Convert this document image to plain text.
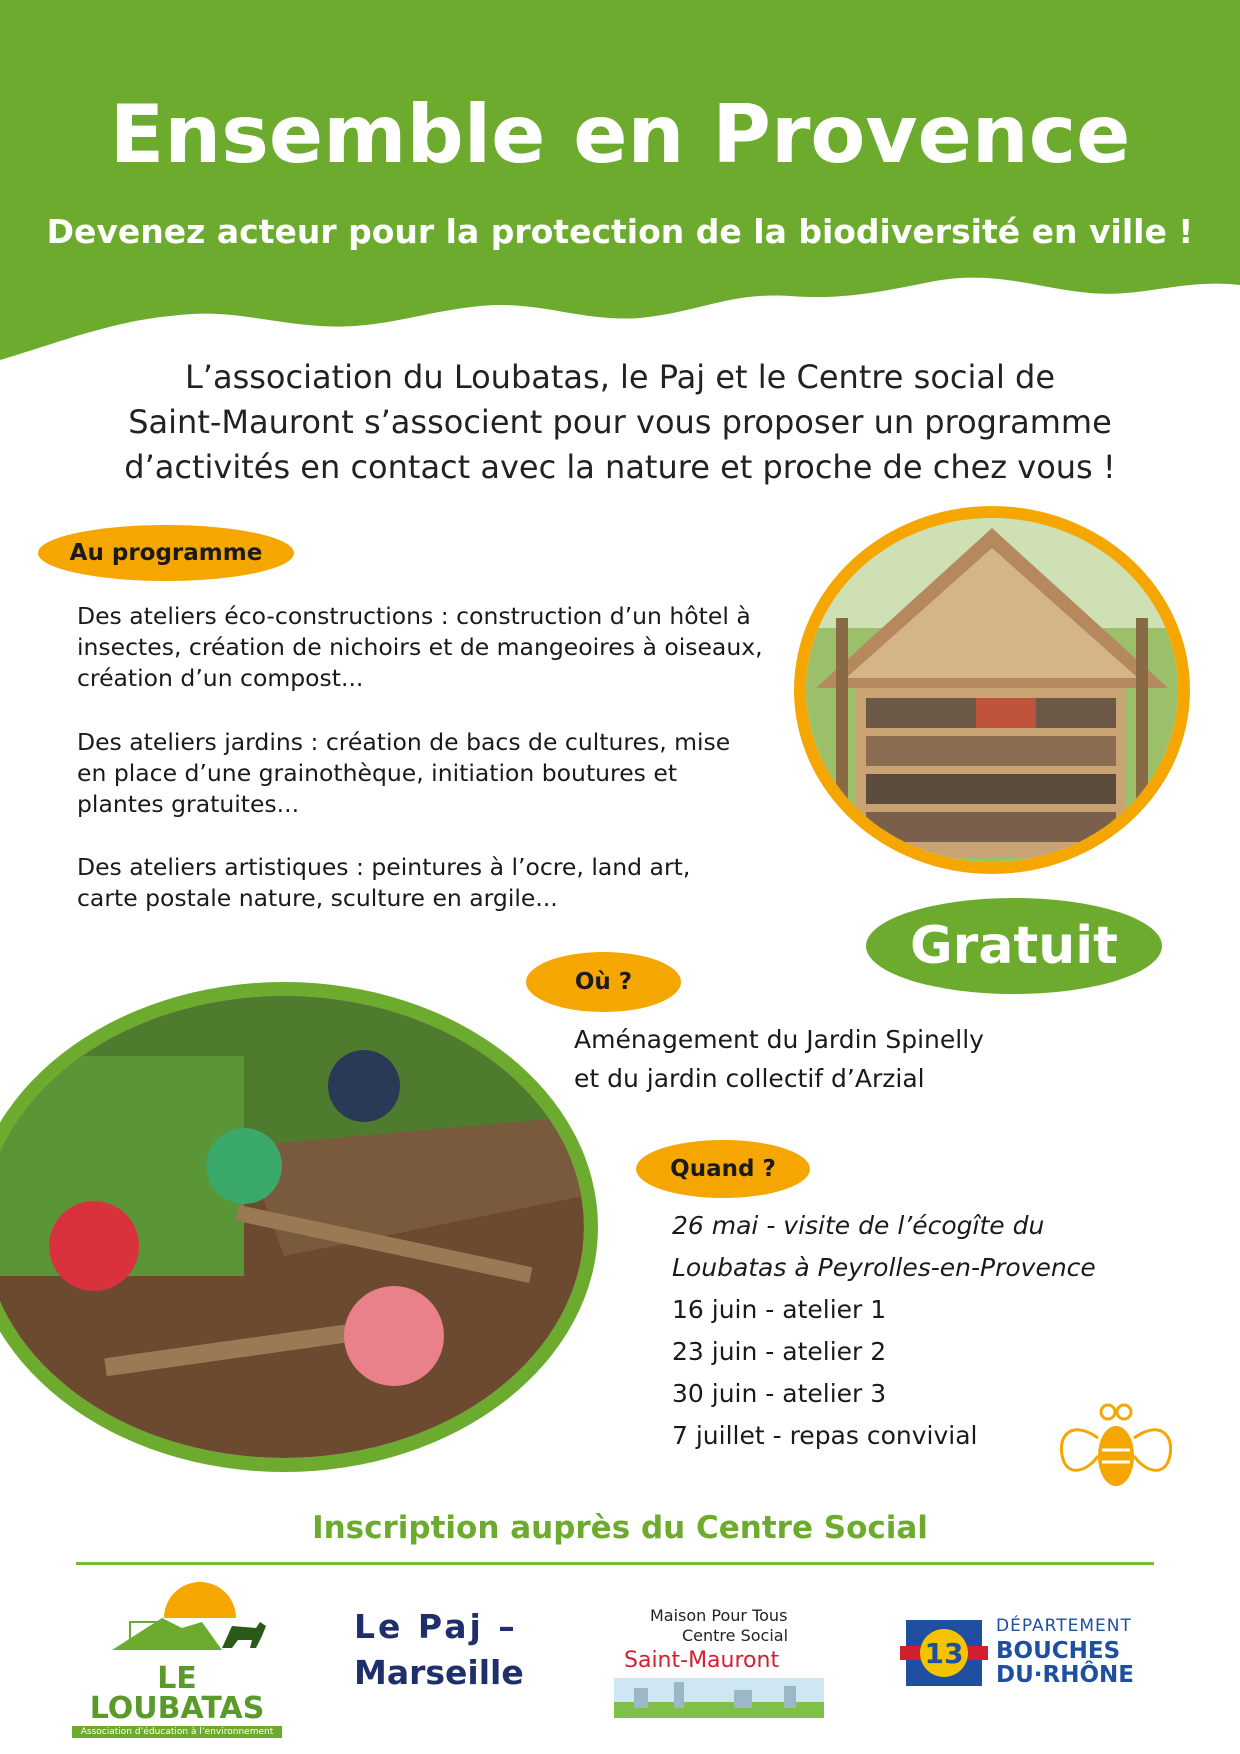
Ensemble en Provence

Devenez acteur pour la protection de la biodiversité en ville !

L’association du Loubatas, le Paj et le Centre social de
Saint-Mauront s’associent pour vous proposer un programme
d’activités en contact avec la nature et proche de chez vous !
Au programme
Des ateliers éco-constructions : construction d’un hôtel à
insectes, création de nichoirs et de mangeoires à oiseaux,
création d’un compost...
Des ateliers jardins : création de bacs de cultures, mise
en place d’une grainothèque, initiation boutures et
plantes gratuites...
Des ateliers artistiques : peintures à l’ocre, land art,
carte postale nature, sculture en argile...
Gratuit
Où ?
Aménagement du Jardin Spinelly
et du jardin collectif d’Arzial
Quand ?
26 mai - visite de l’écogîte du
Loubatas à Peyrolles-en-Provence
16 juin - atelier 1
23 juin - atelier 2
30 juin - atelier 3
7 juillet - repas convivial
Inscription auprès du Centre Social
LE LOUBATAS
Association d’éducation à l’environnement
Le Paj –
Marseille
Maison Pour Tous
Centre Social
Saint-Mauront	13
DÉPARTEMENT
BOUCHES
DU·RHÔNE
